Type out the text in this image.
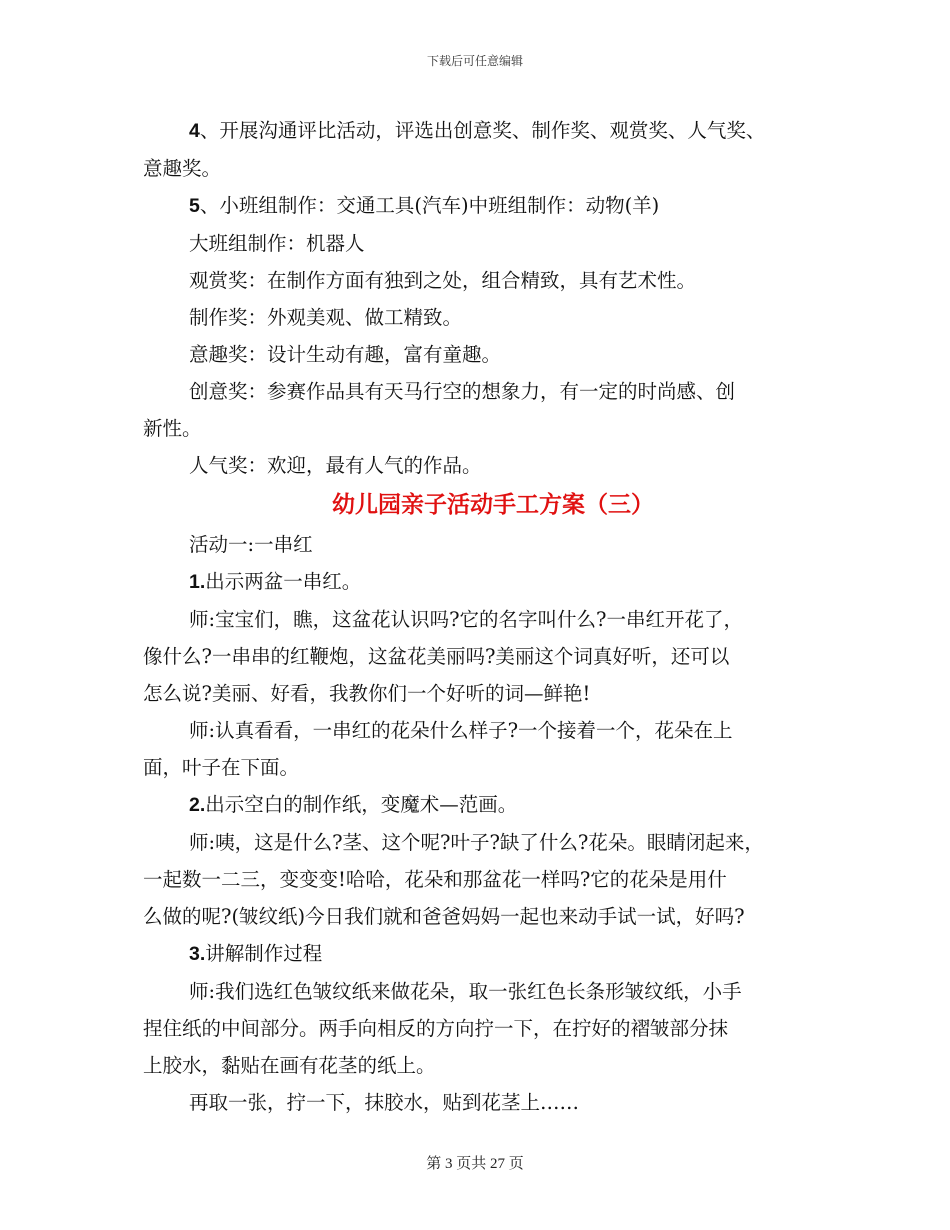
下载后可任意编辑

4、开展沟通评比活动，评选出创意奖、制作奖、观赏奖、人气奖、

意趣奖。

5、小班组制作：交通工具(汽车)中班组制作：动物(羊)

大班组制作：机器人

观赏奖：在制作方面有独到之处，组合精致，具有艺术性。

制作奖：外观美观、做工精致。

意趣奖：设计生动有趣，富有童趣。

创意奖：参赛作品具有天马行空的想象力，有一定的时尚感、创

新性。

人气奖：欢迎，最有人气的作品。

幼儿园亲子活动手工方案（三）

活动一:一串红

1.出示两盆一串红。

师:宝宝们，瞧，这盆花认识吗?它的名字叫什么?一串红开花了，

像什么?一串串的红鞭炮，这盆花美丽吗?美丽这个词真好听，还可以

怎么说?美丽、好看，我教你们一个好听的词—鲜艳!

师:认真看看，一串红的花朵什么样子?一个接着一个，花朵在上

面，叶子在下面。

2.出示空白的制作纸，变魔术—范画。

师:咦，这是什么?茎、这个呢?叶子?缺了什么?花朵。眼睛闭起来，

一起数一二三，变变变!哈哈，花朵和那盆花一样吗?它的花朵是用什

么做的呢?(皱纹纸)今日我们就和爸爸妈妈一起也来动手试一试，好吗?

3.讲解制作过程

师:我们选红色皱纹纸来做花朵，取一张红色长条形皱纹纸，小手

捏住纸的中间部分。两手向相反的方向拧一下，在拧好的褶皱部分抹

上胶水，黏贴在画有花茎的纸上。

再取一张，拧一下，抹胶水，贴到花茎上……

第 3 页共 27 页
